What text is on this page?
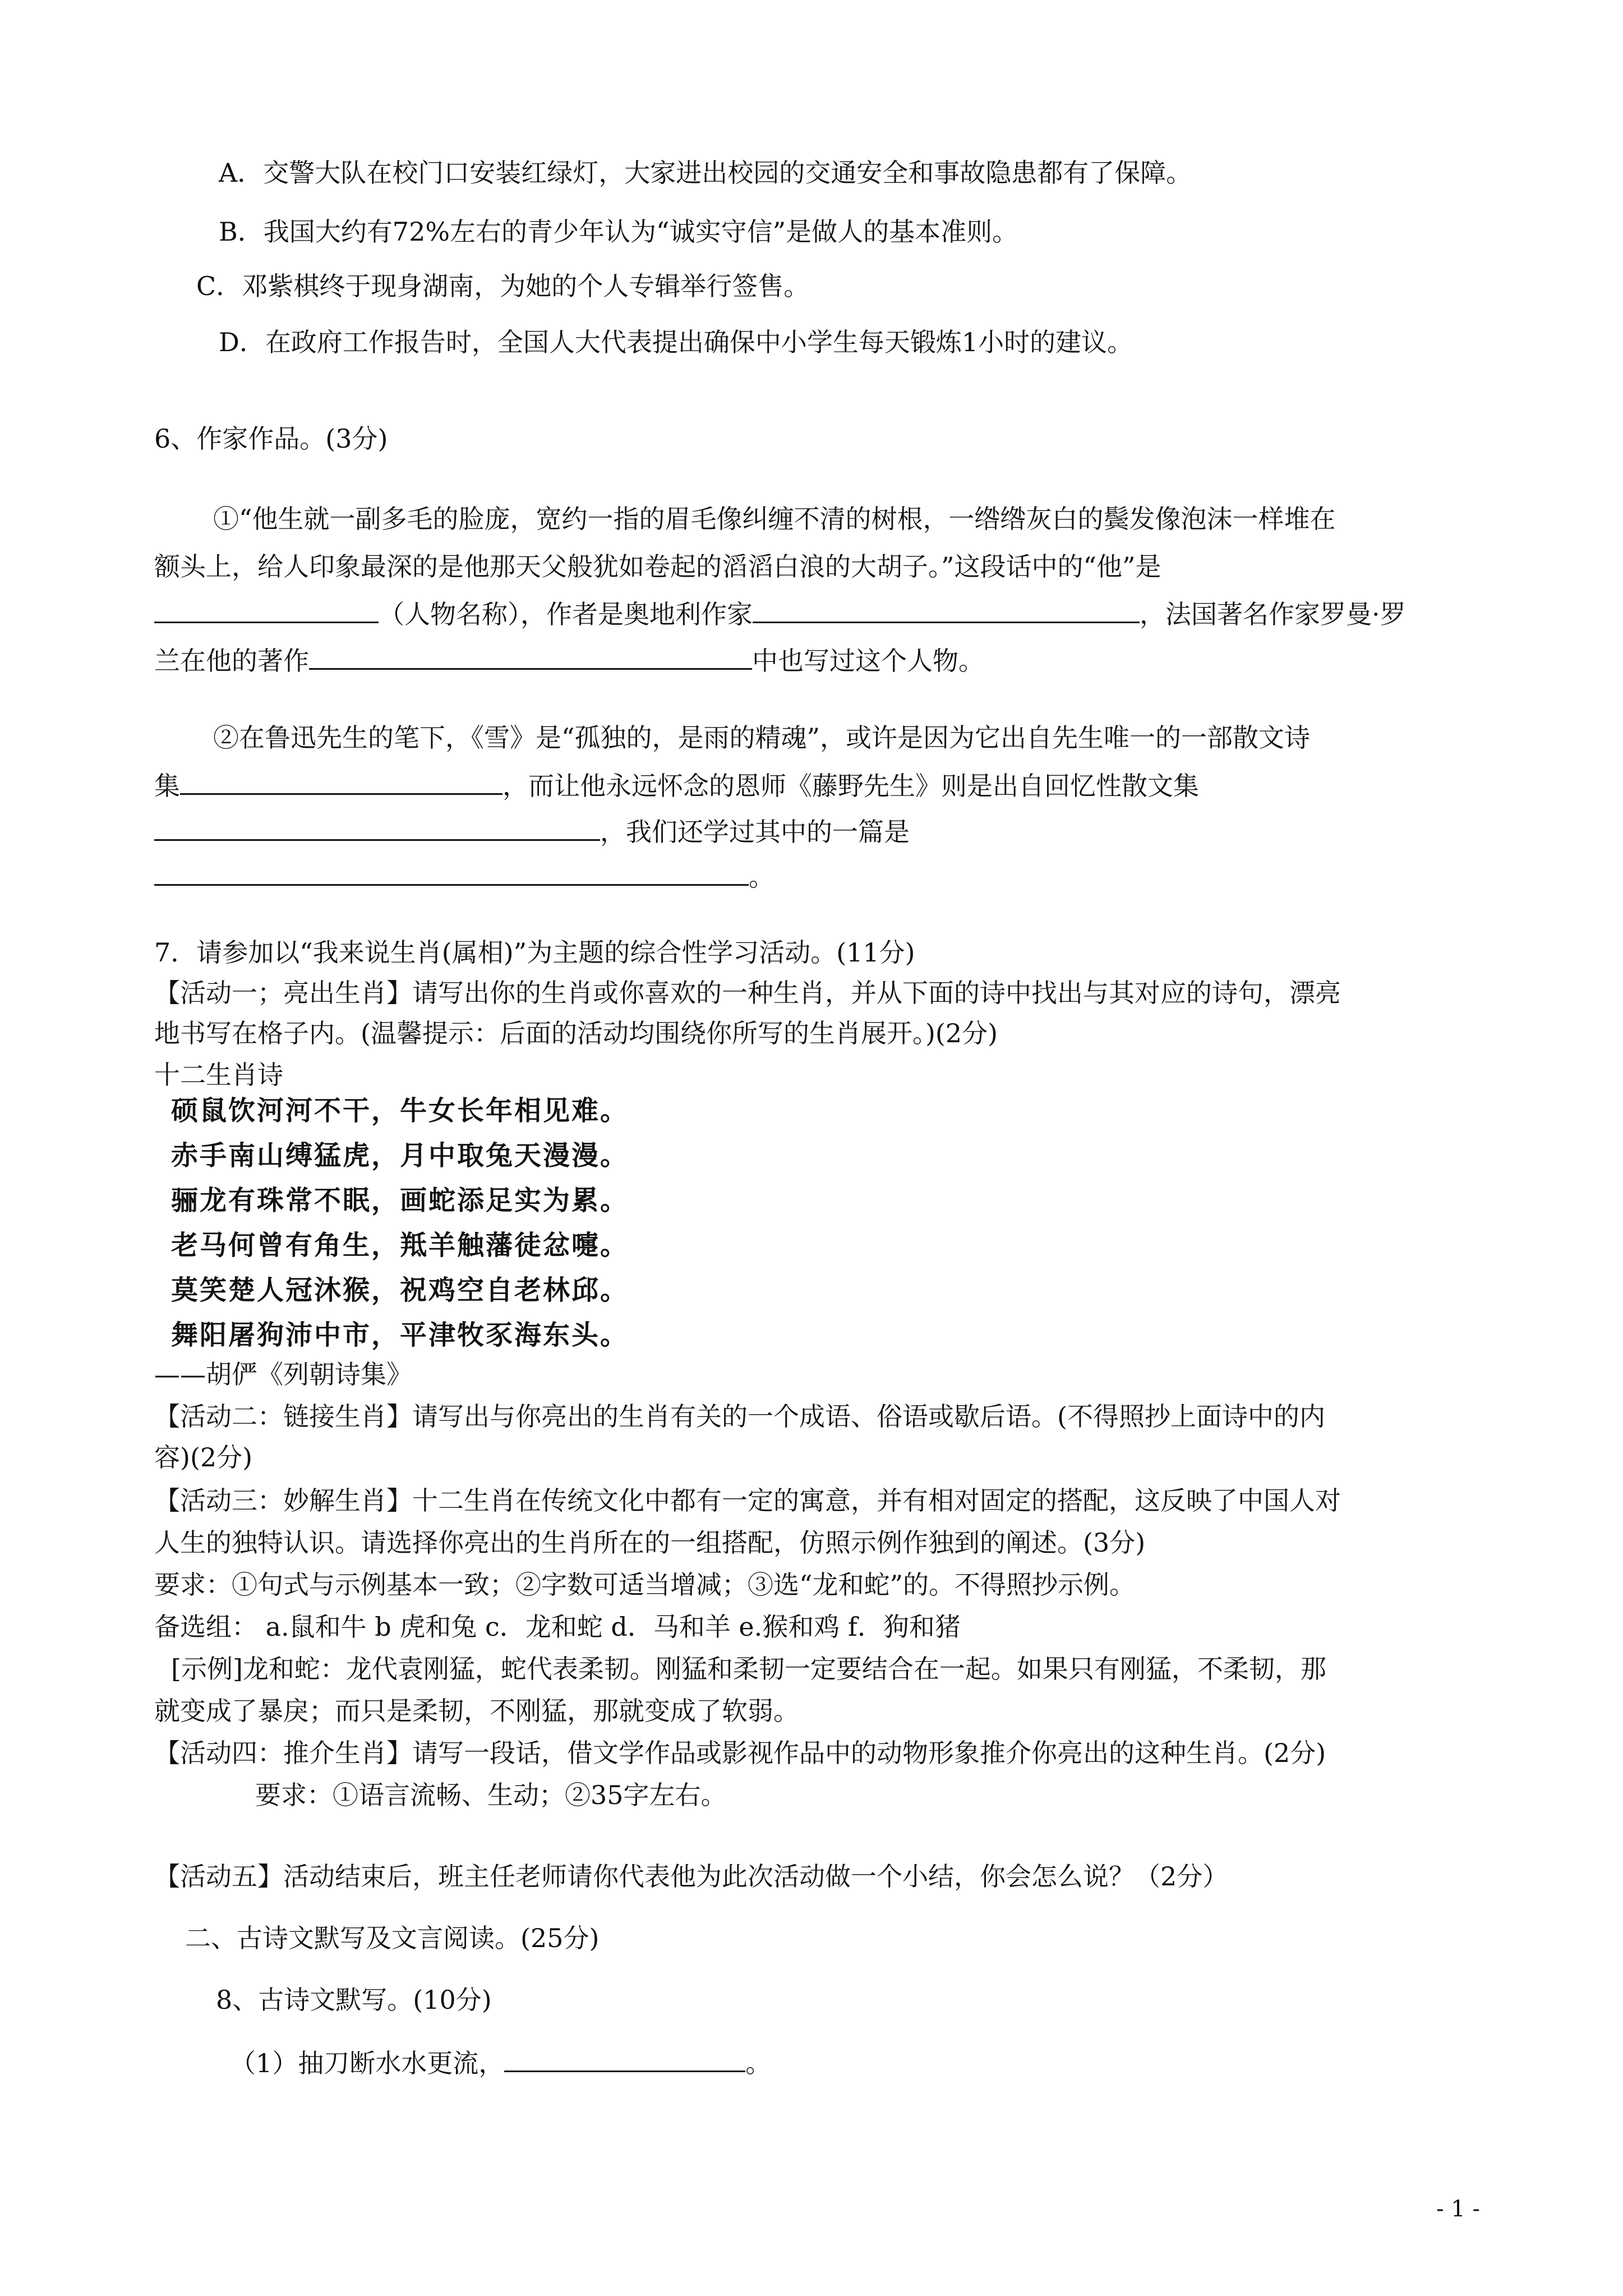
A．交警大队在校门口安装红绿灯，大家进出校园的交通安全和事故隐患都有了保障。
B．我国大约有72%左右的青少年认为“诚实守信”是做人的基本准则。
C．邓紫棋终于现身湖南，为她的个人专辑举行签售。
D．在政府工作报告时，全国人大代表提出确保中小学生每天锻炼1小时的建议。
6、作家作品。(3分)
①“他生就一副多毛的脸庞，宽约一指的眉毛像纠缠不清的树根，一绺绺灰白的鬓发像泡沫一样堆在
额头上，给人印象最深的是他那天父般犹如卷起的滔滔白浪的大胡子。”这段话中的“他”是
（人物名称），作者是奥地利作家	，法国著名作家罗曼·罗
兰在他的著作	中也写过这个人物。
②在鲁迅先生的笔下，《雪》是“孤独的，是雨的精魂”，或许是因为它出自先生唯一的一部散文诗
集	，而让他永远怀念的恩师《藤野先生》则是出自回忆性散文集
，我们还学过其中的一篇是
。
7．请参加以“我来说生肖(属相)”为主题的综合性学习活动。(11分)
【活动一；亮出生肖】请写出你的生肖或你喜欢的一种生肖，并从下面的诗中找出与其对应的诗句，漂亮
地书写在格子内。(温馨提示：后面的活动均围绕你所写的生肖展开。)(2分)
十二生肖诗
硕鼠饮河河不干，牛女长年相见难。
赤手南山缚猛虎，月中取兔天漫漫。
骊龙有珠常不眠，画蛇添足实为累。
老马何曾有角生，羝羊触藩徒忿嚏。
莫笑楚人冠沐猴，祝鸡空自老林邱。
舞阳屠狗沛中市，平津牧豕海东头。
——胡俨《列朝诗集》
【活动二：链接生肖】请写出与你亮出的生肖有关的一个成语、俗语或歇后语。(不得照抄上面诗中的内
容)(2分)
【活动三：妙解生肖】十二生肖在传统文化中都有一定的寓意，并有相对固定的搭配，这反映了中国人对
人生的独特认识。请选择你亮出的生肖所在的一组搭配，仿照示例作独到的阐述。(3分)
要求：①句式与示例基本一致；②字数可适当增减；③选“龙和蛇”的。不得照抄示例。
备选组： a.鼠和牛 b 虎和兔 c．龙和蛇 d．马和羊 e.猴和鸡 f．狗和猪
[示例]龙和蛇：龙代袁刚猛，蛇代表柔韧。刚猛和柔韧一定要结合在一起。如果只有刚猛，不柔韧，那
就变成了暴戾；而只是柔韧，不刚猛，那就变成了软弱。
【活动四：推介生肖】请写一段话，借文学作品或影视作品中的动物形象推介你亮出的这种生肖。(2分)
要求：①语言流畅、生动；②35字左右。
【活动五】活动结束后，班主任老师请你代表他为此次活动做一个小结，你会怎么说？（2分）
二、古诗文默写及文言阅读。(25分)
8、古诗文默写。(10分)
（1）抽刀断水水更流，	。
- 1 -
